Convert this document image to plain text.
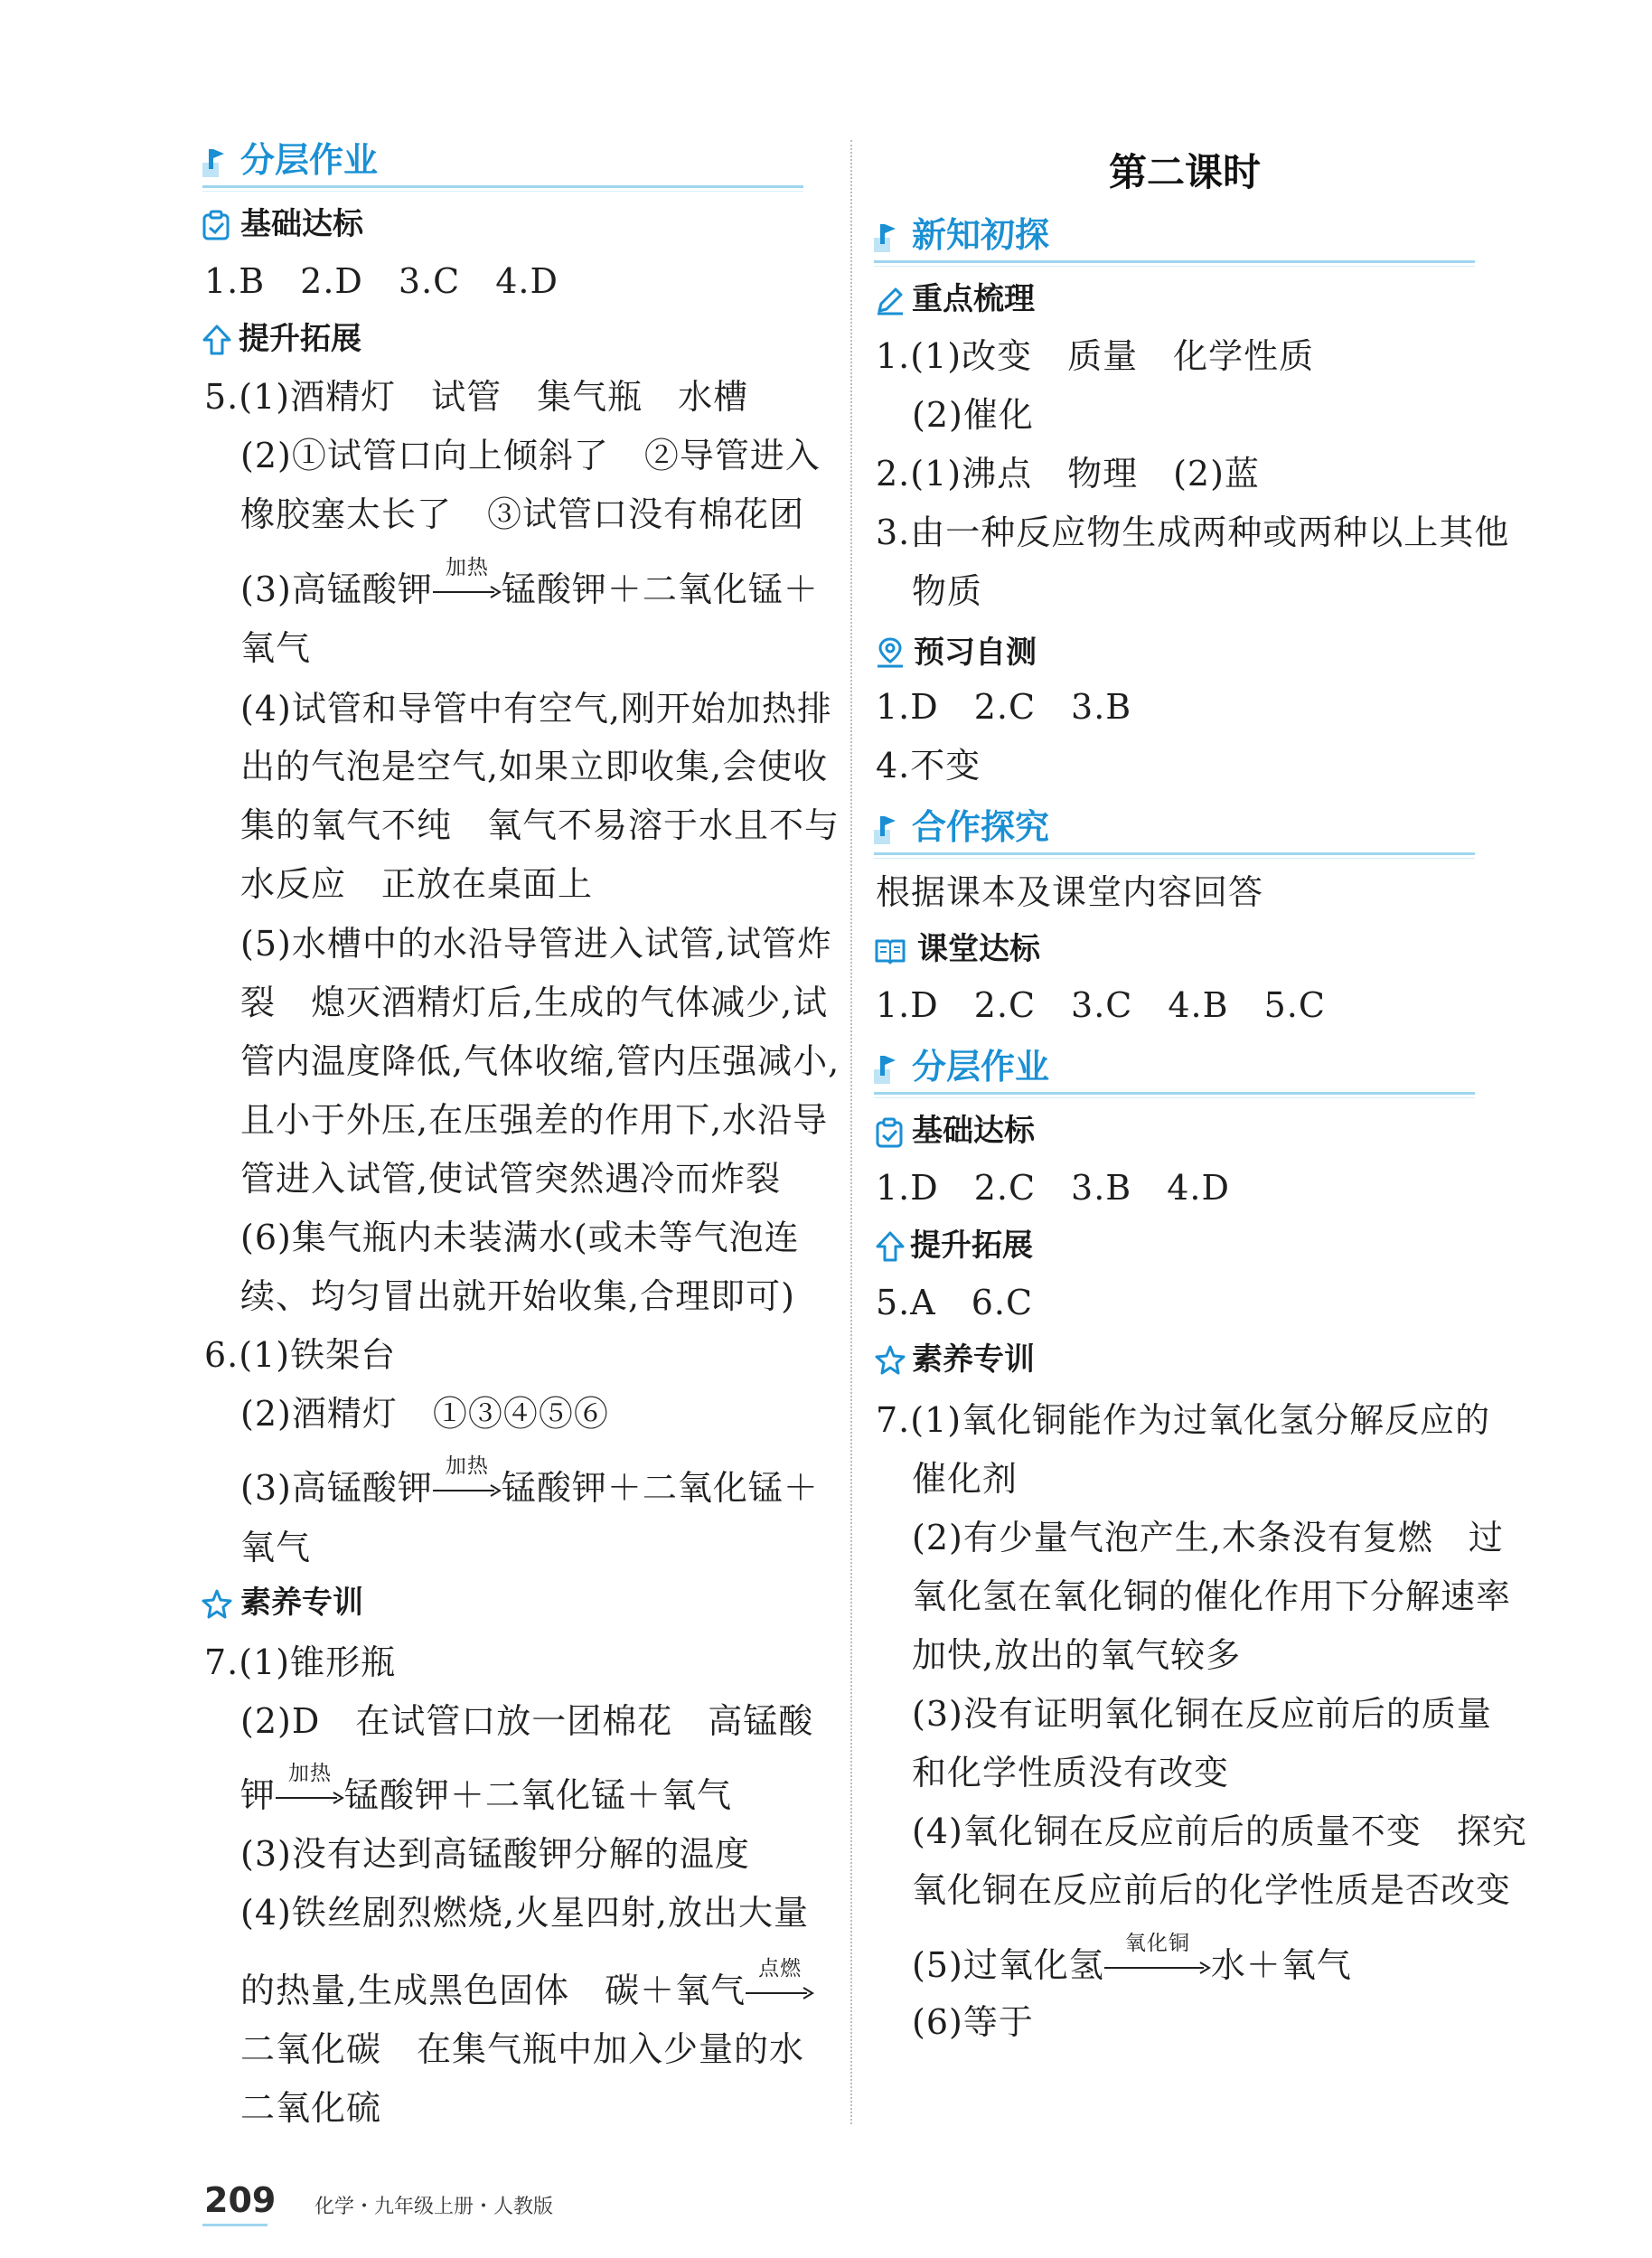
分层作业
基础达标
1.B　2.D　3.C　4.D
提升拓展
5.(1)酒精灯　试管　集气瓶　水槽
(2)①试管口向上倾斜了　②导管进入
橡胶塞太长了　③试管口没有棉花团
(3)高锰酸钾
加热
锰酸钾＋二氧化锰＋
氧气
(4)试管和导管中有空气,刚开始加热排
出的气泡是空气,如果立即收集,会使收
集的氧气不纯　氧气不易溶于水且不与
水反应　正放在桌面上
(5)水槽中的水沿导管进入试管,试管炸
裂　熄灭酒精灯后,生成的气体减少,试
管内温度降低,气体收缩,管内压强减小,
且小于外压,在压强差的作用下,水沿导
管进入试管,使试管突然遇冷而炸裂
(6)集气瓶内未装满水(或未等气泡连
续、均匀冒出就开始收集,合理即可)
6.(1)铁架台
(2)酒精灯　①③④⑤⑥
(3)高锰酸钾
加热
锰酸钾＋二氧化锰＋
氧气
素养专训
7.(1)锥形瓶
(2)D　在试管口放一团棉花　高锰酸
钾
加热
锰酸钾＋二氧化锰＋氧气
(3)没有达到高锰酸钾分解的温度
(4)铁丝剧烈燃烧,火星四射,放出大量
的热量,生成黑色固体　碳＋氧气
点燃
二氧化碳　在集气瓶中加入少量的水
二氧化硫
第二课时
新知初探
重点梳理
1.(1)改变　质量　化学性质
(2)催化
2.(1)沸点　物理　(2)蓝
3.由一种反应物生成两种或两种以上其他
物质
预习自测
1.D　2.C　3.B
4.不变
合作探究
根据课本及课堂内容回答
课堂达标
1.D　2.C　3.C　4.B　5.C
分层作业
基础达标
1.D　2.C　3.B　4.D
提升拓展
5.A　6.C
素养专训
7.(1)氧化铜能作为过氧化氢分解反应的
催化剂
(2)有少量气泡产生,木条没有复燃　过
氧化氢在氧化铜的催化作用下分解速率
加快,放出的氧气较多
(3)没有证明氧化铜在反应前后的质量
和化学性质没有改变
(4)氧化铜在反应前后的质量不变　探究
氧化铜在反应前后的化学性质是否改变
(5)过氧化氢
氧化铜
水＋氧气
(6)等于
209 化学・九年级上册・人教版
